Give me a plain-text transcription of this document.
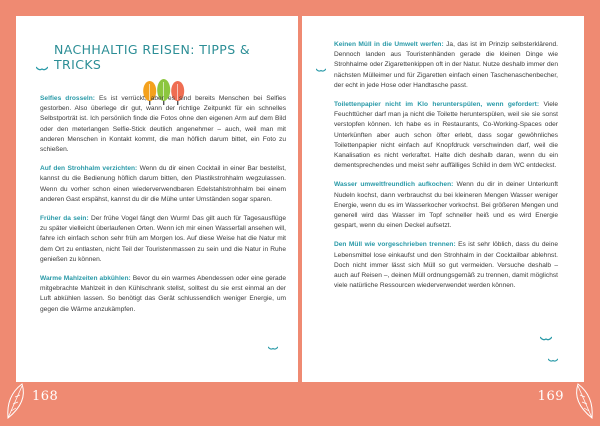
NACHHALTIG REISEN: TIPPS & TRICKS

Selfies drosseln: Es ist verrückt, aber es sind bereits Menschen bei Selfies gestorben. Also überlege dir gut, wann der richtige Zeitpunkt für ein schnelles Selbstporträt ist. Ich persönlich finde die Fotos ohne den eigenen Arm auf dem Bild oder den meterlangen Selfie-Stick deutlich angenehmer – auch, weil man mit anderen Menschen in Kontakt kommt, die man höflich darum bittet, ein Foto zu schießen.

Auf den Strohhalm verzichten: Wenn du dir einen Cocktail in einer Bar bestellst, kannst du die Bedienung höflich darum bitten, den Plastikstrohhalm wegzulassen. Wenn du vorher schon einen wiederverwendbaren Edelstahlstrohhalm bei einem anderen Gast erspähst, kannst du dir die Mühe unter Umständen sogar sparen.

Früher da sein: Der frühe Vogel fängt den Wurm! Das gilt auch für Tagesausflüge zu später vielleicht überlaufenen Orten. Wenn ich mir einen Wasserfall ansehen will, fahre ich einfach schon sehr früh am Morgen los. Auf diese Weise hat die Natur mit dem Ort zu entlasten, nicht Teil der Touristenmassen zu sein und die Natur in Ruhe genießen zu können.

Warme Mahlzeiten abkühlen: Bevor du ein warmes Abendessen oder eine gerade mitgebrachte Mahlzeit in den Kühlschrank stellst, solltest du sie erst einmal an der Luft abkühlen lassen. So benötigt das Gerät schlussendlich weniger Energie, um gegen die Wärme anzukämpfen.

Keinen Müll in die Umwelt werfen: Ja, das ist im Prinzip selbsterklärend. Dennoch landen aus Touristenhänden gerade die kleinen Dinge wie Strohhalme oder Zigarettenkippen oft in der Natur. Nutze deshalb immer den nächsten Mülleimer und für Zigaretten einfach einen Taschenaschenbecher, der echt in jede Hose oder Handtasche passt.

Toilettenpapier nicht im Klo herunterspülen, wenn gefordert: Viele Feuchttücher darf man ja nicht die Toilette herunterspülen, weil sie sie sonst verstopfen können. Ich habe es in Restaurants, Co-Working-Spaces oder Unterkünften aber auch schon öfter erlebt, dass sogar gewöhnliches Toilettenpapier nicht einfach auf Knopfdruck verschwinden darf, weil die Kanalisation es nicht verkraftet. Halte dich deshalb daran, wenn du ein dementsprechendes und meist sehr auffälliges Schild in dem WC entdeckst.

Wasser umweltfreundlich aufkochen: Wenn du dir in deiner Unterkunft Nudeln kochst, dann verbrauchst du bei kleineren Mengen Wasser weniger Energie, wenn du es im Wasserkocher vorkochst. Bei größeren Mengen und generell wird das Wasser im Topf schneller heiß und es wird Energie gespart, wenn du einen Deckel aufsetzt.

Den Müll wie vorgeschrieben trennen: Es ist sehr löblich, dass du deine Lebensmittel lose einkaufst und den Strohhalm in der Cocktailbar ablehnst. Doch nicht immer lässt sich Müll so gut vermeiden. Versuche deshalb – auch auf Reisen –, deinen Müll ordnungsgemäß zu trennen, damit möglichst viele natürliche Ressourcen wiederverwendet werden können.

168	169
